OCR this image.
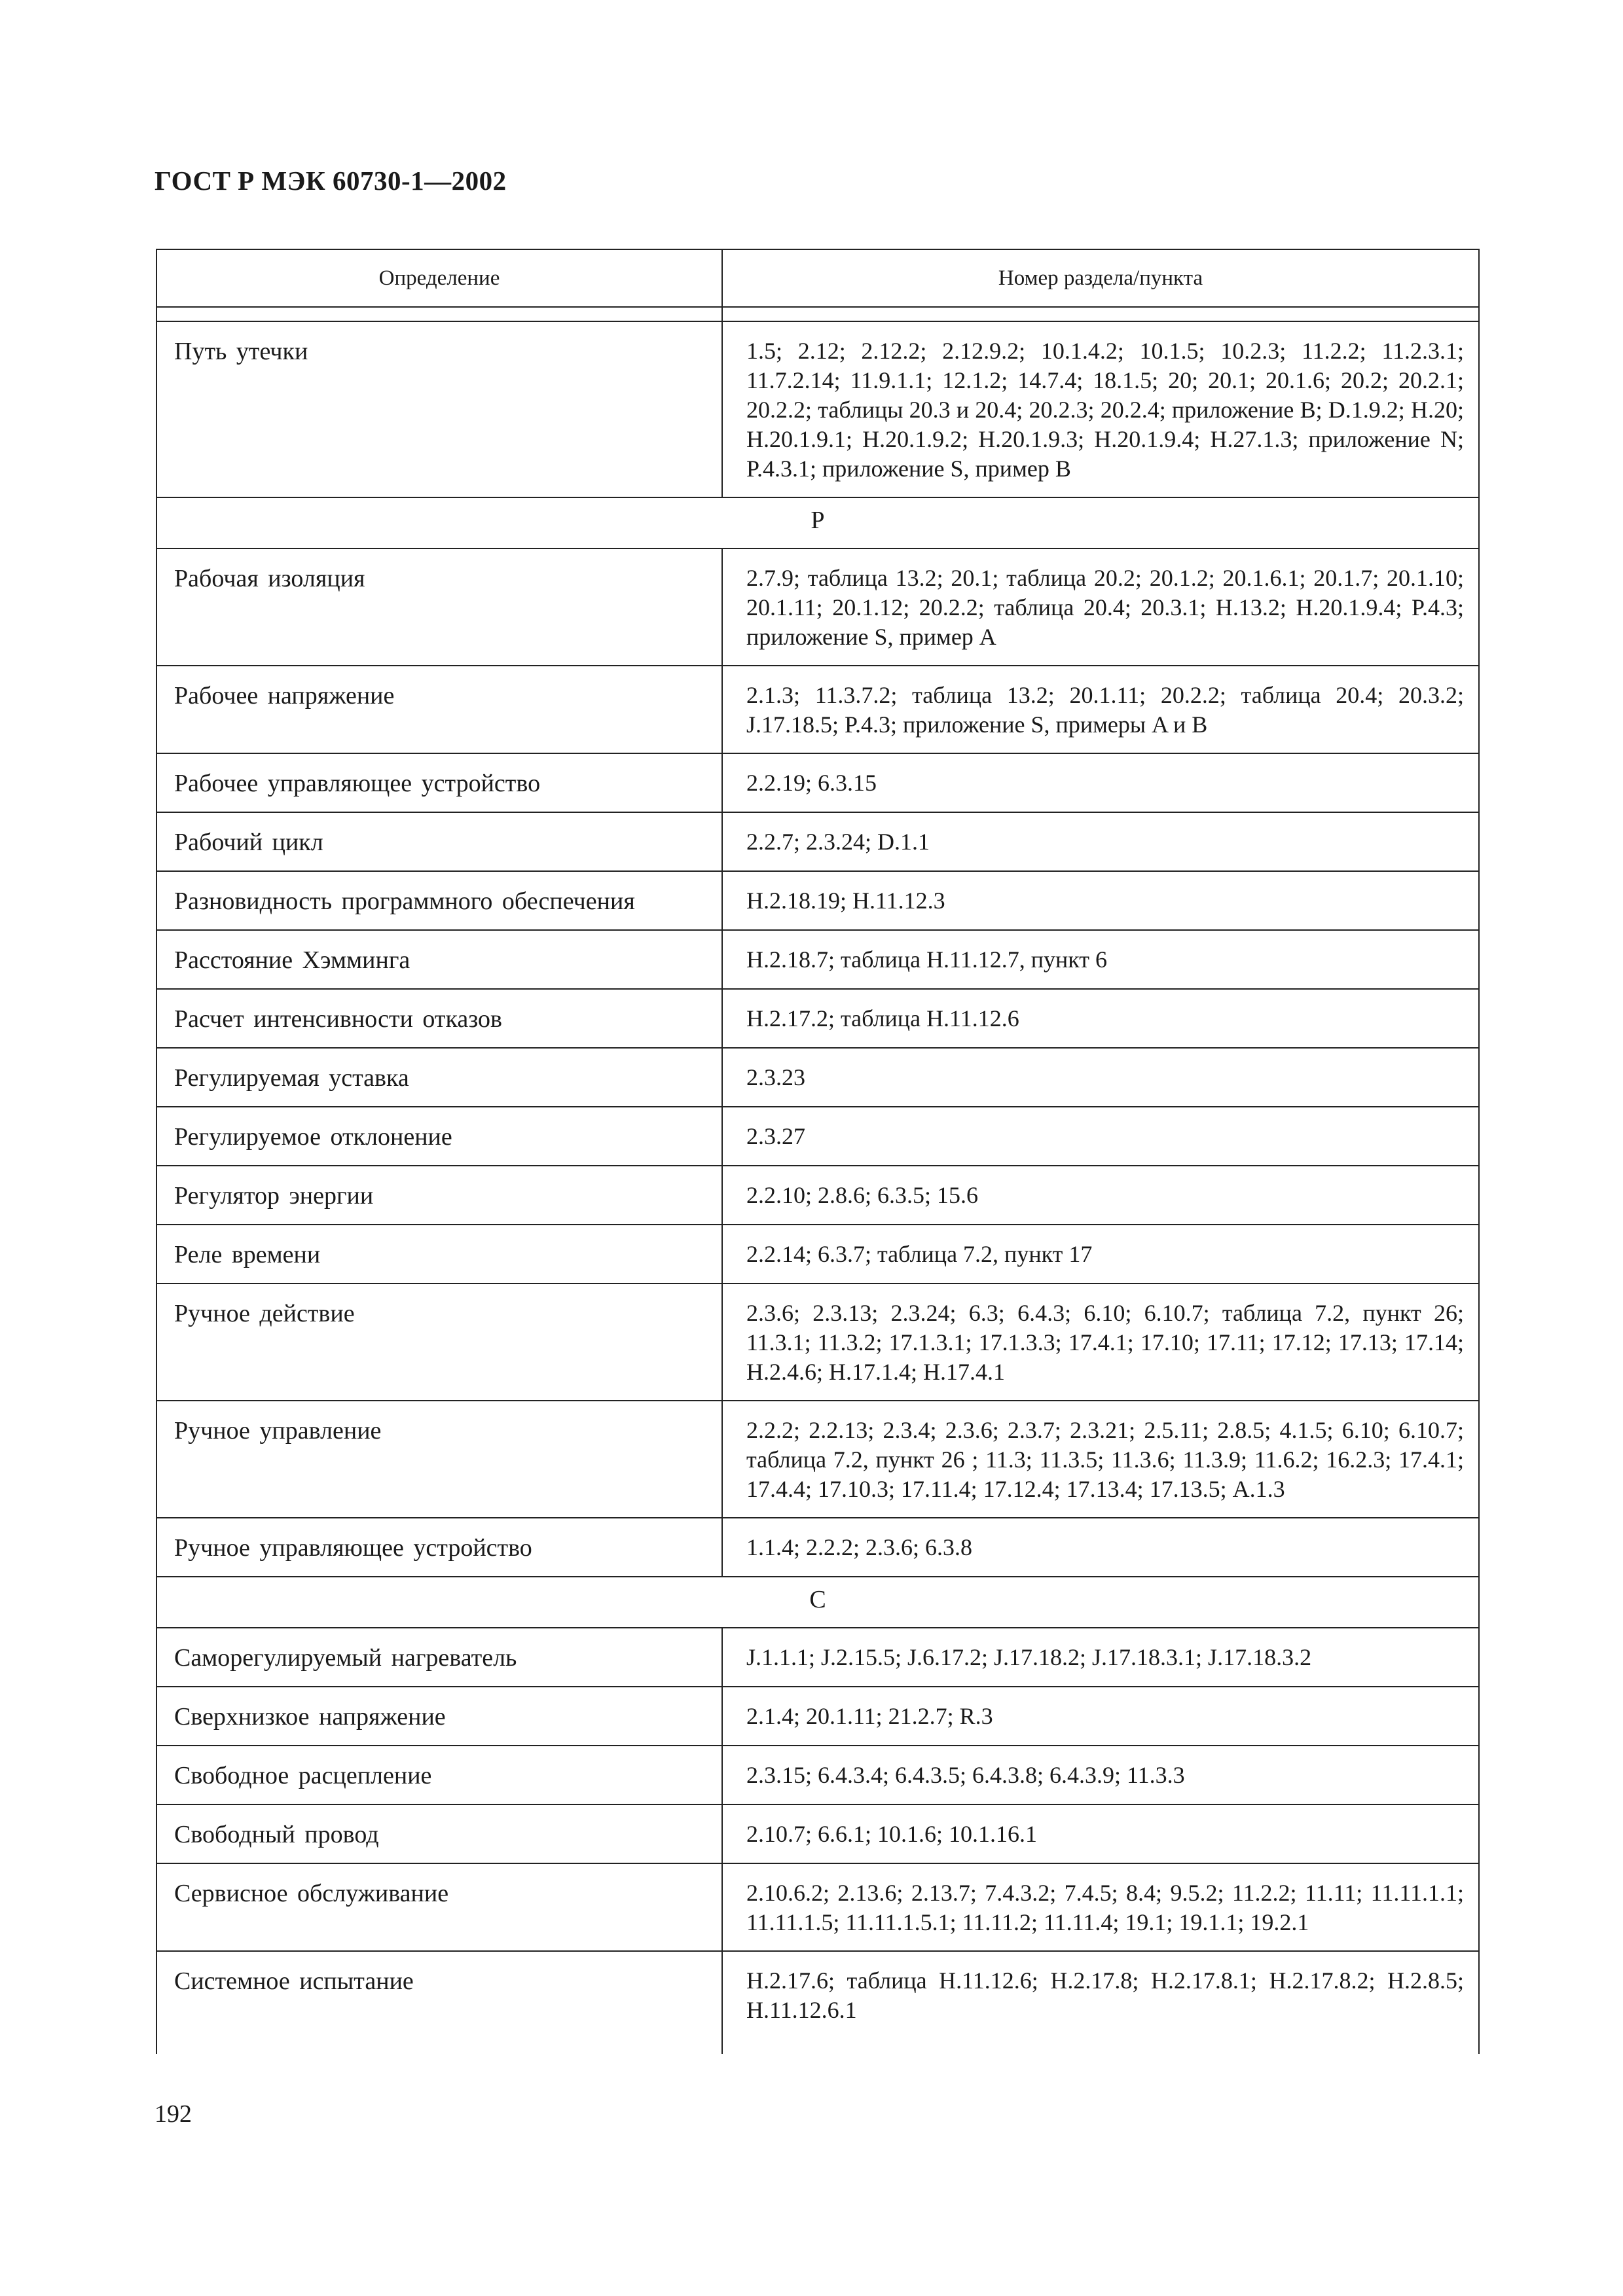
ГОСТ Р МЭК 60730-1—2002
Определение	Номер раздела/пункта

Путь утечки	1.5; 2.12; 2.12.2; 2.12.9.2; 10.1.4.2; 10.1.5; 10.2.3; 11.2.2; 11.2.3.1; 11.7.2.14; 11.9.1.1; 12.1.2; 14.7.4; 18.1.5; 20; 20.1; 20.1.6; 20.2; 20.2.1; 20.2.2; таблицы 20.3 и 20.4; 20.2.3; 20.2.4; приложение B; D.1.9.2; H.20; H.20.1.9.1; H.20.1.9.2; H.20.1.9.3; H.20.1.9.4; H.27.1.3; приложение N; P.4.3.1; приложение S, пример B
Р	
Рабочая изоляция	2.7.9; таблица 13.2; 20.1; таблица 20.2; 20.1.2; 20.1.6.1; 20.1.7; 20.1.10; 20.1.11; 20.1.12; 20.2.2; таблица 20.4; 20.3.1; H.13.2; H.20.1.9.4; P.4.3; приложение S, пример A
Рабочее напряжение	2.1.3; 11.3.7.2; таблица 13.2; 20.1.11; 20.2.2; таблица 20.4; 20.3.2; J.17.18.5; P.4.3; приложение S, примеры A и B
Рабочее управляющее устройство	2.2.19; 6.3.15
Рабочий цикл	2.2.7; 2.3.24; D.1.1
Разновидность программного обеспечения	H.2.18.19; H.11.12.3
Расстояние Хэмминга	H.2.18.7; таблица H.11.12.7, пункт 6
Расчет интенсивности отказов	H.2.17.2; таблица H.11.12.6
Регулируемая уставка	2.3.23
Регулируемое отклонение	2.3.27
Регулятор энергии	2.2.10; 2.8.6; 6.3.5; 15.6
Реле времени	2.2.14; 6.3.7; таблица 7.2, пункт 17
Ручное действие	2.3.6; 2.3.13; 2.3.24; 6.3; 6.4.3; 6.10; 6.10.7; таблица 7.2, пункт 26; 11.3.1; 11.3.2; 17.1.3.1; 17.1.3.3; 17.4.1; 17.10; 17.11; 17.12; 17.13; 17.14; H.2.4.6; H.17.1.4; H.17.4.1
Ручное управление	2.2.2; 2.2.13; 2.3.4; 2.3.6; 2.3.7; 2.3.21; 2.5.11; 2.8.5; 4.1.5; 6.10; 6.10.7; таблица 7.2, пункт 26 ; 11.3; 11.3.5; 11.3.6; 11.3.9; 11.6.2; 16.2.3; 17.4.1; 17.4.4; 17.10.3; 17.11.4; 17.12.4; 17.13.4; 17.13.5; A.1.3
Ручное управляющее устройство	1.1.4; 2.2.2; 2.3.6; 6.3.8
С	
Саморегулируемый нагреватель	J.1.1.1; J.2.15.5; J.6.17.2; J.17.18.2; J.17.18.3.1; J.17.18.3.2
Сверхнизкое напряжение	2.1.4; 20.1.11; 21.2.7; R.3
Свободное расцепление	2.3.15; 6.4.3.4; 6.4.3.5; 6.4.3.8; 6.4.3.9; 11.3.3
Свободный провод	2.10.7; 6.6.1; 10.1.6; 10.1.16.1
Сервисное обслуживание	2.10.6.2; 2.13.6; 2.13.7; 7.4.3.2; 7.4.5; 8.4; 9.5.2; 11.2.2; 11.11; 11.11.1.1; 11.11.1.5; 11.11.1.5.1; 11.11.2; 11.11.4; 19.1; 19.1.1; 19.2.1
Системное испытание	H.2.17.6; таблица H.11.12.6; H.2.17.8; H.2.17.8.1; H.2.17.8.2; H.2.8.5; H.11.12.6.1
192
